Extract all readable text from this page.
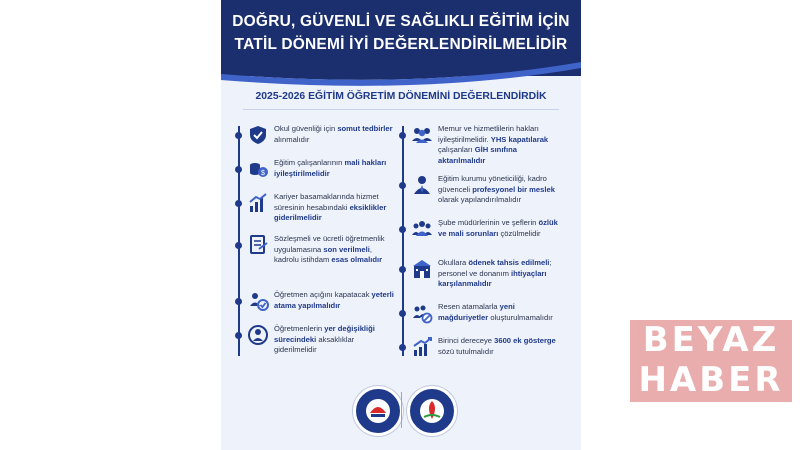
DOĞRU, GÜVENLİ VE SAĞLIKLI EĞİTİM İÇİN
TATİL DÖNEMİ İYİ DEĞERLENDİRİLMELİDİR
2025-2026 EĞİTİM ÖĞRETİM DÖNEMİNİ DEĞERLENDİRDİK
Okul güvenliği için somut tedbirler alınmalıdır
$
Eğitim çalışanlarının mali hakları iyileştirilmelidir
Kariyer basamaklarında hizmet süresinin hesabındaki eksiklikler giderilmelidir
Sözleşmeli ve ücretli öğretmenlik uygulamasına son verilmeli, kadrolu istihdam esas olmalıdır
Öğretmen açığını kapatacak yeterli atama yapılmalıdır
Öğretmenlerin yer değişikliği sürecindeki aksaklıklar giderilmelidir
Memur ve hizmetlilerin hakları iyileştirilmelidir. YHS kapatılarak çalışanları GİH sınıfına aktarılmalıdır
Eğitim kurumu yöneticiliği, kadro güvenceli profesyonel bir meslek olarak yapılandırılmalıdır
Şube müdürlerinin ve şeflerin özlük ve mali sorunları çözülmelidir
Okullara ödenek tahsis edilmeli; personel ve donanım ihtiyaçları karşılanmalıdır
Resen atamalarla yeni mağduriyetler oluşturulmamalıdır
Birinci dereceye 3600 ek gösterge sözü tutulmalıdır	BEYAZ
HABER
